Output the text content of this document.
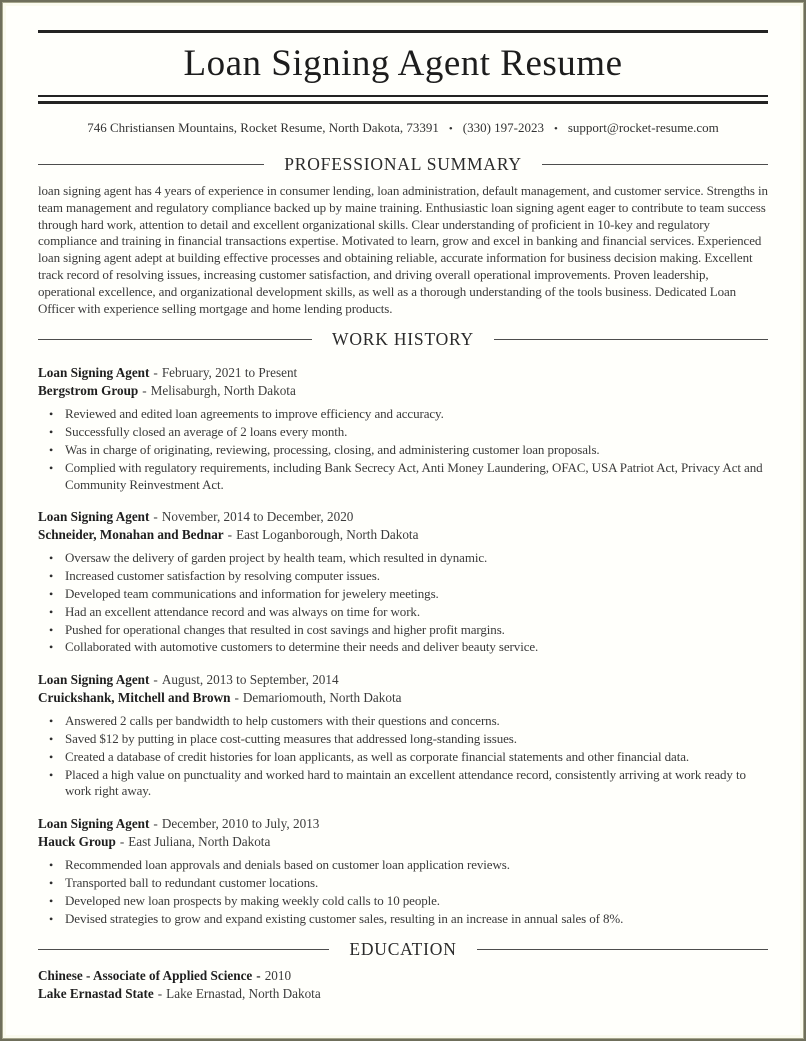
Loan Signing Agent Resume
746 Christiansen Mountains, Rocket Resume, North Dakota, 73391 • (330) 197-2023 • support@rocket-resume.com
PROFESSIONAL SUMMARY

loan signing agent has 4 years of experience in consumer lending, loan administration, default management, and customer service. Strengths in team management and regulatory compliance backed up by maine training. Enthusiastic loan signing agent eager to contribute to team success through hard work, attention to detail and excellent organizational skills. Clear understanding of proficient in 10-key and regulatory compliance and training in financial transactions expertise. Motivated to learn, grow and excel in banking and financial services. Experienced loan signing agent adept at building effective processes and obtaining reliable, accurate information for business decision making. Excellent track record of resolving issues, increasing customer satisfaction, and driving overall operational improvements. Proven leadership, operational excellence, and organizational development skills, as well as a thorough understanding of the tools business. Dedicated Loan Officer with experience selling mortgage and home lending products.

WORK HISTORY
Loan Signing Agent - February, 2021 to Present
Bergstrom Group - Melisaburgh, North Dakota
• Reviewed and edited loan agreements to improve efficiency and accuracy.
• Successfully closed an average of 2 loans every month.
• Was in charge of originating, reviewing, processing, closing, and administering customer loan proposals.
• Complied with regulatory requirements, including Bank Secrecy Act, Anti Money Laundering, OFAC, USA Patriot Act, Privacy Act and Community Reinvestment Act.
Loan Signing Agent - November, 2014 to December, 2020
Schneider, Monahan and Bednar - East Loganborough, North Dakota
• Oversaw the delivery of garden project by health team, which resulted in dynamic.
• Increased customer satisfaction by resolving computer issues.
• Developed team communications and information for jewelery meetings.
• Had an excellent attendance record and was always on time for work.
• Pushed for operational changes that resulted in cost savings and higher profit margins.
• Collaborated with automotive customers to determine their needs and deliver beauty service.
Loan Signing Agent - August, 2013 to September, 2014
Cruickshank, Mitchell and Brown - Demariomouth, North Dakota
• Answered 2 calls per bandwidth to help customers with their questions and concerns.
• Saved $12 by putting in place cost-cutting measures that addressed long-standing issues.
• Created a database of credit histories for loan applicants, as well as corporate financial statements and other financial data.
• Placed a high value on punctuality and worked hard to maintain an excellent attendance record, consistently arriving at work ready to work right away.
Loan Signing Agent - December, 2010 to July, 2013
Hauck Group - East Juliana, North Dakota
• Recommended loan approvals and denials based on customer loan application reviews.
• Transported ball to redundant customer locations.
• Developed new loan prospects by making weekly cold calls to 10 people.
• Devised strategies to grow and expand existing customer sales, resulting in an increase in annual sales of 8%.
EDUCATION
Chinese - Associate of Applied Science - 2010
Lake Ernastad State - Lake Ernastad, North Dakota
